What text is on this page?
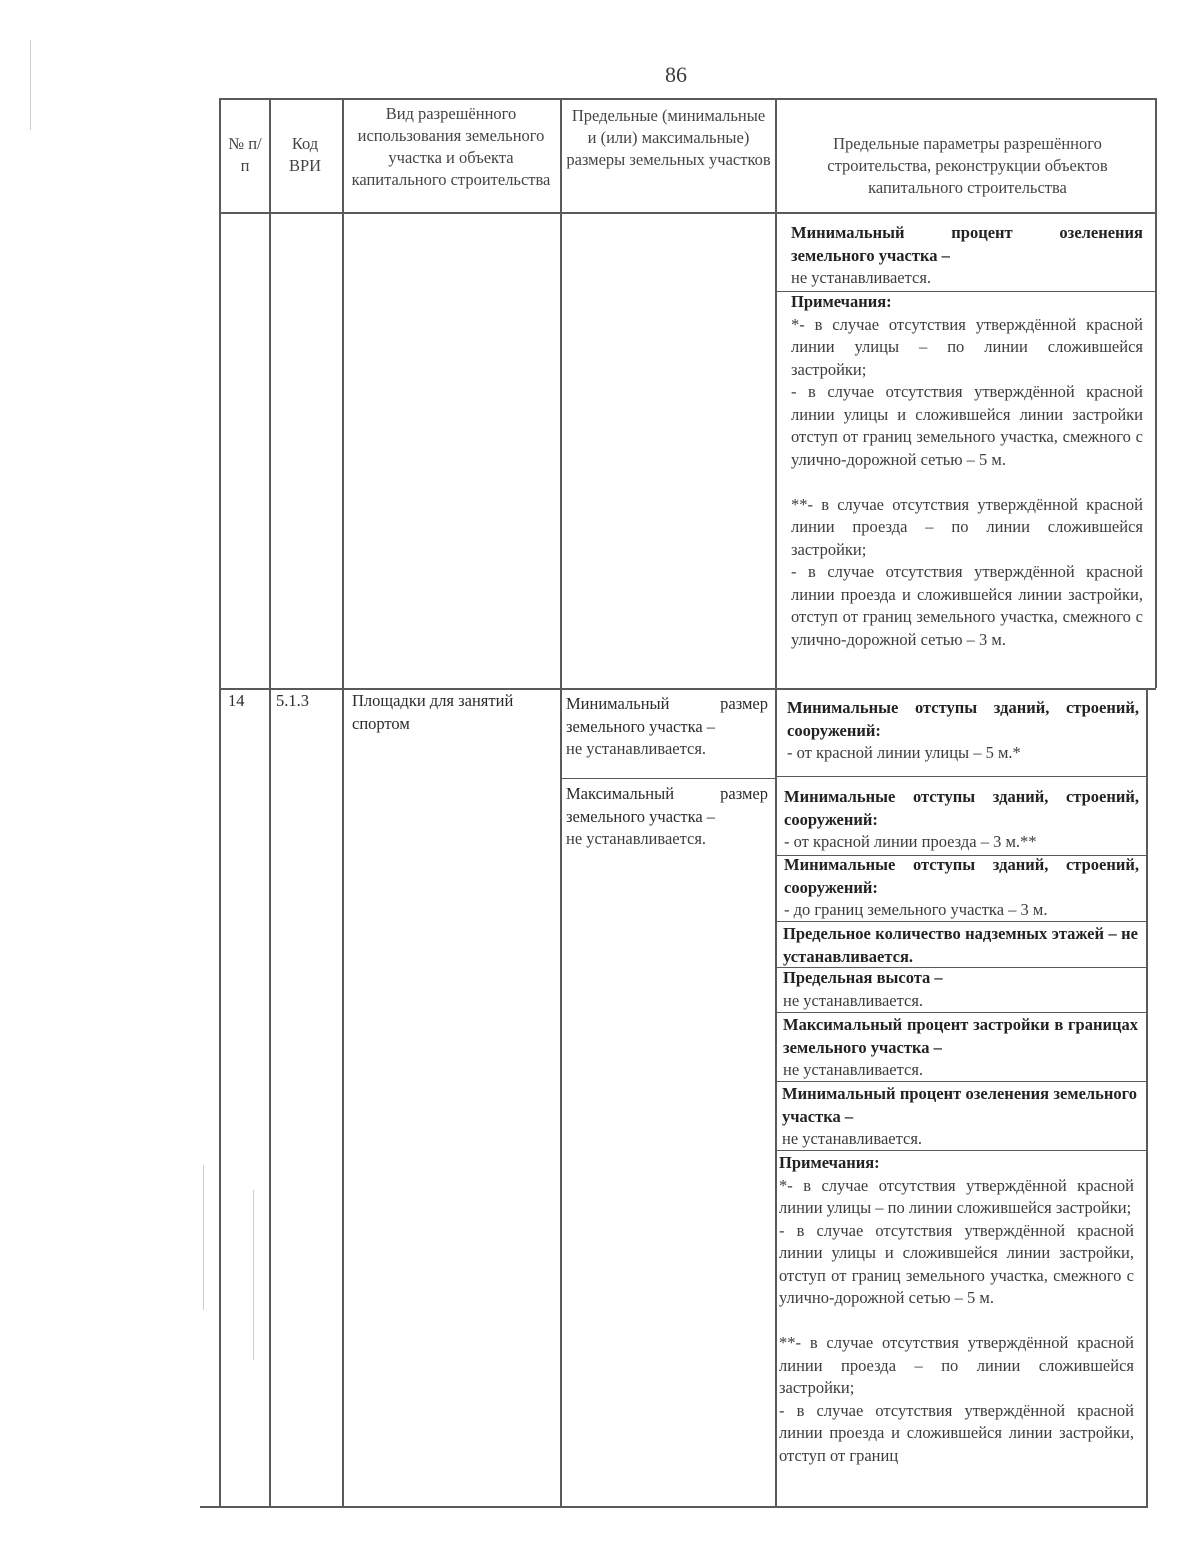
86
№ п/п
Код ВРИ
Вид разрешённого использования земельного участка и объекта капитального строительства
Предельные (минимальные и (или) максимальные) размеры земельных участков
Предельные параметры разрешённого строительства, реконструкции объектов капитального строительства
Минимальный процент озеленения земельного участка –
не устанавливается.
Примечания:
*- в случае отсутствия утверждённой красной линии улицы – по линии сложившейся застройки;
- в случае отсутствия утверждённой красной линии улицы и сложившейся линии застройки отступ от границ земельного участка, смежного с улично-дорожной сетью – 5 м.
**- в случае отсутствия утверждённой красной линии проезда – по линии сложившейся застройки;
- в случае отсутствия утверждённой красной линии проезда и сложившейся линии застройки, отступ от границ земельного участка, смежного с улично-дорожной сетью – 3 м.
14	5.1.3	Площадки для занятий спортом
Минимальный размер земельного участка –
не устанавливается.
Максимальный размер земельного участка –
не устанавливается.
Минимальные отступы зданий, строений, сооружений:
- от красной линии улицы – 5 м.*
Минимальные отступы зданий, строений, сооружений:
- от красной линии проезда – 3 м.**
Минимальные отступы зданий, строений, сооружений:
- до границ земельного участка – 3 м.
Предельное количество надземных этажей – не устанавливается.
Предельная высота –
не устанавливается.
Максимальный процент застройки в границах земельного участка –
не устанавливается.
Минимальный процент озеленения земельного участка –
не устанавливается.
Примечания:
*- в случае отсутствия утверждённой красной линии улицы – по линии сложившейся застройки;
- в случае отсутствия утверждённой красной линии улицы и сложившейся линии застройки, отступ от границ земельного участка, смежного с улично-дорожной сетью – 5 м.
**- в случае отсутствия утверждённой красной линии проезда – по линии сложившейся застройки;
- в случае отсутствия утверждённой красной линии проезда и сложившейся линии застройки, отступ от границ
